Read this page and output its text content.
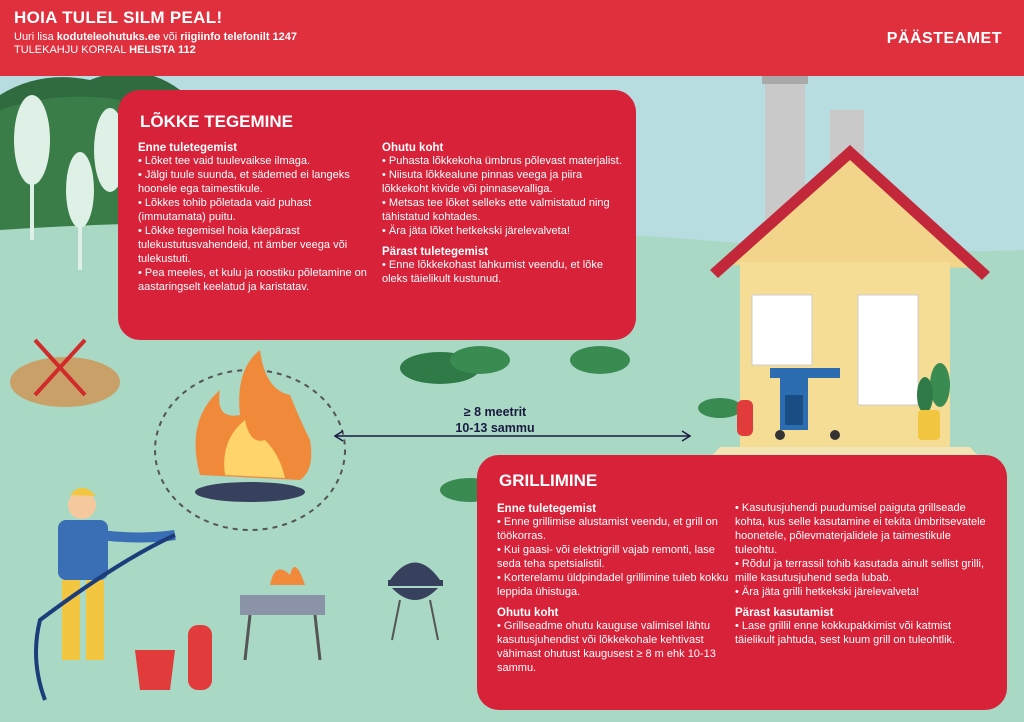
HOIA TULEL SILM PEAL!
Uuri lisa koduteleohutuks.ee või riigiinfo telefonilt 1247
TULEKAHJU KORRAL HELISTA 112
PÄÄSTEAMET
LÕKKE TEGEMINE
Enne tuletegemist
• Lõket tee vaid tuulevaikse ilmaga.
• Jälgi tuule suunda, et sädemed ei langeks hoonele ega taimestikule.
• Lõkkes tohib põletada vaid puhast (immutamata) puitu.
• Lõkke tegemisel hoia käepärast tulekustutusvahendeid, nt ämber veega või tulekustuti.
• Pea meeles, et kulu ja roostiku põletamine on aastaringselt keelatud ja karistatav.
Ohutu koht
• Puhasta lõkkekoha ümbrus põlevast materjalist.
• Niisuta lõkkealune pinnas veega ja piira lõkkekoht kivide või pinnasevalliga.
• Metsas tee lõket selleks ette valmistatud ning tähistatud kohtades.
• Ära jäta lõket hetkekski järelevalveta!
Pärast tuletegemist
• Enne lõkkekohast lahkumist veendu, et lõke oleks täielikult kustunud.
≥ 8 meetrit
10-13 sammu
GRILLIMINE
Enne tuletegemist
• Enne grillimise alustamist veendu, et grill on töökorras.
• Kui gaasi- või elektrigrill vajab remonti, lase seda teha spetsialistil.
• Korterelamu üldpindadel grillimine tuleb kokku leppida ühistuga.
Ohutu koht
• Grillseadme ohutu kauguse valimisel lähtu kasutusjuhendist või lõkkekohale kehtivast vähimast ohutust kaugusest ≥ 8 m ehk 10-13 sammu.
• Kasutusjuhendi puudumisel paiguta grillseade kohta, kus selle kasutamine ei tekita ümbritsevatele hoonetele, põlevmaterjalidele ja taimestikule tuleohtu.
• Rõdul ja terrassil tohib kasutada ainult sellist grilli, mille kasutusjuhend seda lubab.
• Ära jäta grilli hetkekski järelevalveta!
Pärast kasutamist
• Lase grillil enne kokkupakkimist või katmist täielikult jahtuda, sest kuum grill on tuleohtlik.
